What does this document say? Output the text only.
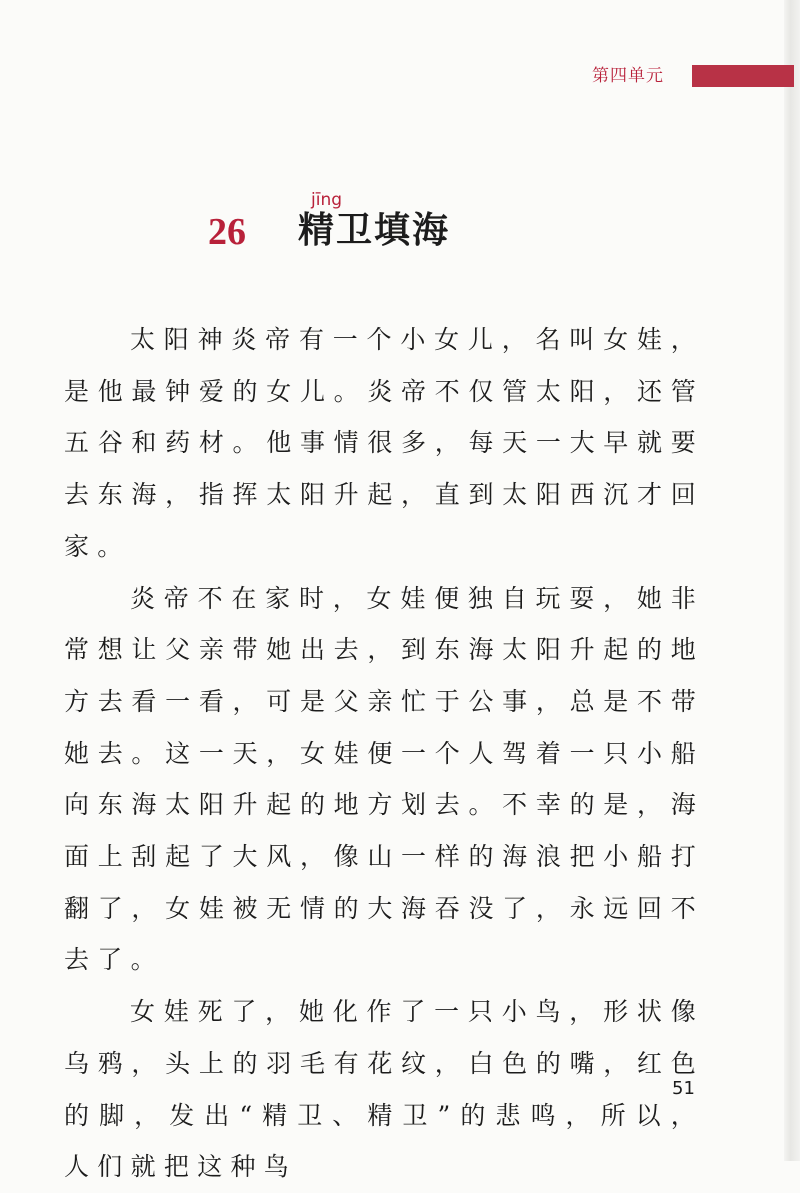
第四单元
26
jīng
精卫填海

太阳神炎帝有一个小女儿，名叫女娃，是他最钟爱的女儿。炎帝不仅管太阳，还管五谷和药材。他事情很多，每天一大早就要去东海，指挥太阳升起，直到太阳西沉才回家。

炎帝不在家时，女娃便独自玩耍，她非常想让父亲带她出去，到东海太阳升起的地方去看一看，可是父亲忙于公事，总是不带她去。这一天，女娃便一个人驾着一只小船向东海太阳升起的地方划去。不幸的是，海面上刮起了大风，像山一样的海浪把小船打翻了，女娃被无情的大海吞没了，永远回不去了。

女娃死了，她化作了一只小鸟，形状像乌鸦，头上的羽毛有花纹，白色的嘴，红色的脚，发出“精卫、精卫”的悲鸣，所以，人们就把这种鸟

51
